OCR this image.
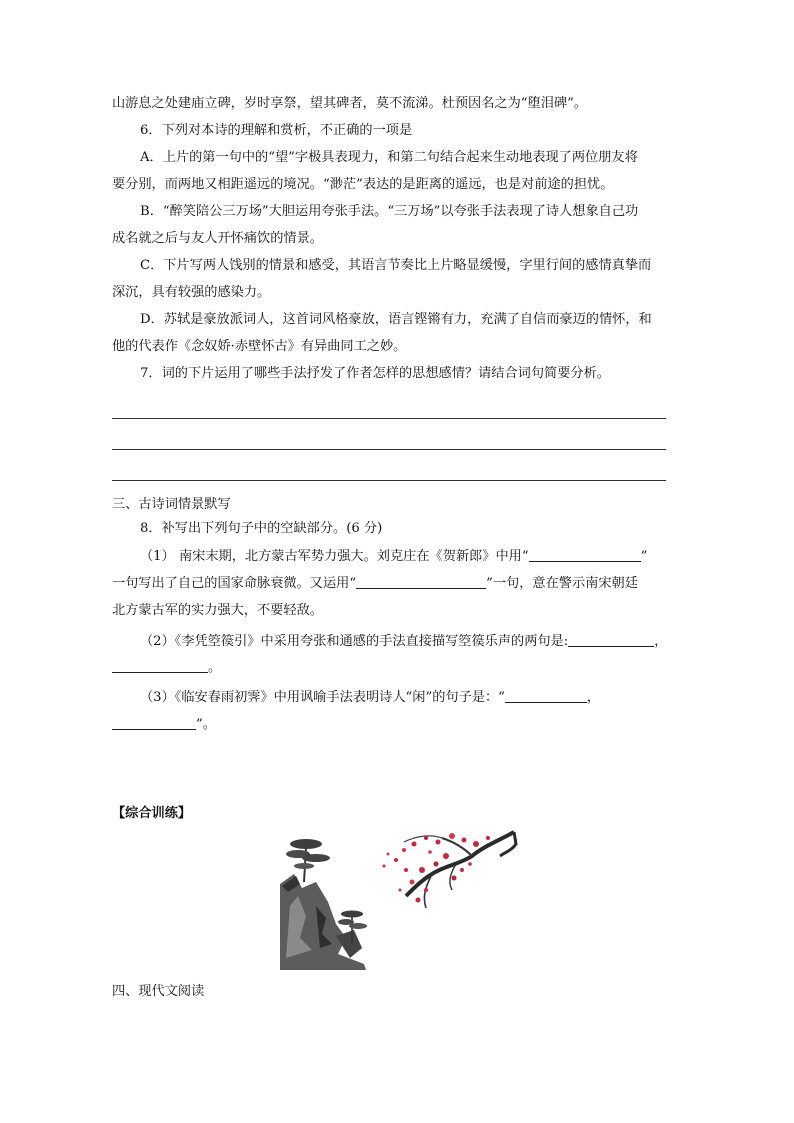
山游息之处建庙立碑，岁时享祭，望其碑者，莫不流涕。杜预因名之为“堕泪碑”。
6．下列对本诗的理解和赏析，不正确的一项是
A．上片的第一句中的“望”字极具表现力，和第二句结合起来生动地表现了两位朋友将
要分别，而两地又相距遥远的境况。“渺茫”表达的是距离的遥远，也是对前途的担忧。
B．“醉笑陪公三万场”大胆运用夸张手法。“三万场”以夸张手法表现了诗人想象自己功
成名就之后与友人开怀痛饮的情景。
C．下片写两人饯别的情景和感受，其语言节奏比上片略显缓慢，字里行间的感情真挚而
深沉，具有较强的感染力。
D．苏轼是豪放派词人，这首词风格豪放，语言铿锵有力，充满了自信而豪迈的情怀，和
他的代表作《念奴娇·赤壁怀古》有异曲同工之妙。
7．词的下片运用了哪些手法抒发了作者怎样的思想感情？请结合词句简要分析。
三、古诗词情景默写
8．补写出下列句子中的空缺部分。(6 分)
（1） 南宋末期，北方蒙古军势力强大。刘克庄在《贺新郎》中用“	”
一句写出了自己的国家命脉衰微。又运用“	”一句，意在警示南宋朝廷
北方蒙古军的实力强大，不要轻敌。
（2）《李凭箜篌引》中采用夸张和通感的手法直接描写箜篌乐声的两句是:	，
。
（3）《临安春雨初霁》中用讽喻手法表明诗人“闲”的句子是：“	，
”。
【综合训练】
四、现代文阅读
